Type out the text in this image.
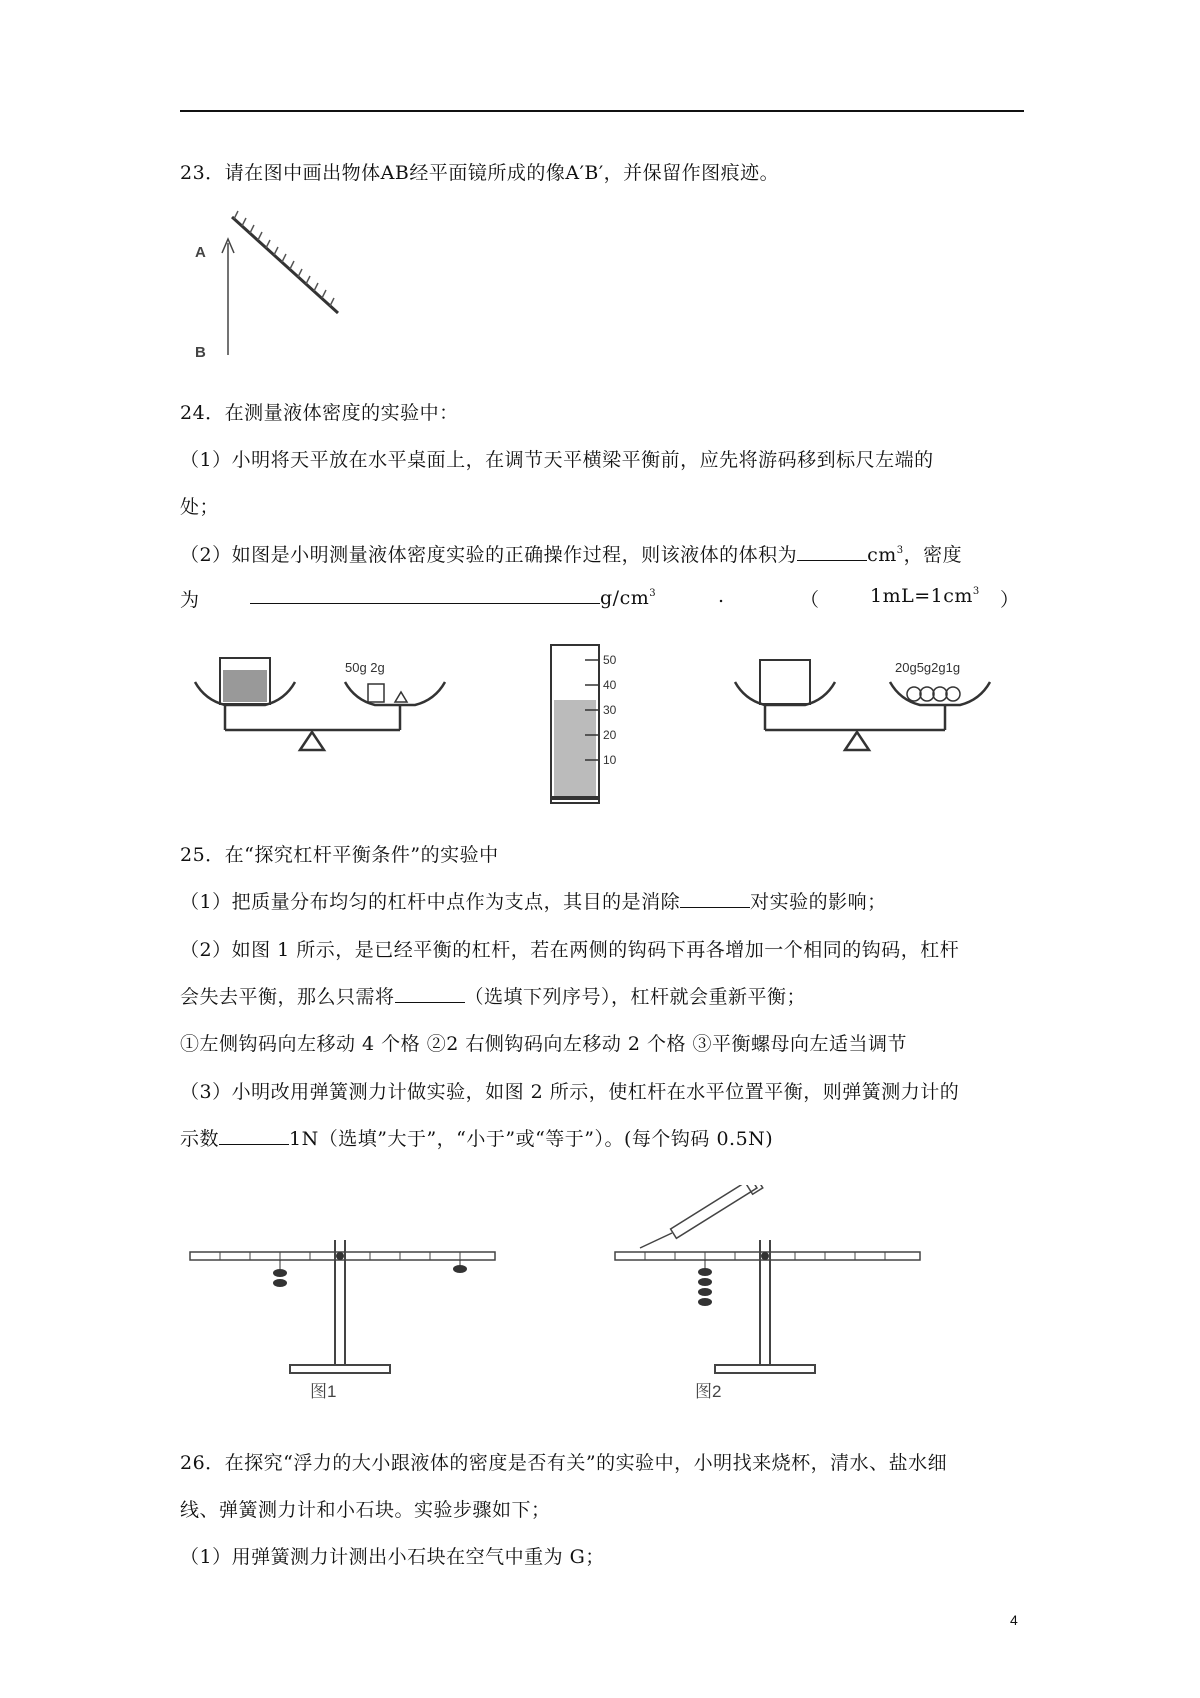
23．请在图中画出物体AB经平面镜所成的像A′B′，并保留作图痕迹。
A
B
24．在测量液体密度的实验中：
（1）小明将天平放在水平桌面上，在调节天平横梁平衡前，应先将游码移到标尺左端的
处；
（2）如图是小明测量液体密度实验的正确操作过程，则该液体的体积为	$cm^3$，密度
为	$g/cm^3$	.	（	$1mL=1cm^3$ ）
50g 2g	50
40
30
20
10
20g5g2g1g
25．在“探究杠杆平衡条件”的实验中
（1）把质量分布均匀的杠杆中点作为支点，其目的是消除	对实验的影响；
（2）如图 1 所示，是已经平衡的杠杆，若在两侧的钩码下再各增加一个相同的钩码，杠杆
会失去平衡，那么只需将	（选填下列序号），杠杆就会重新平衡；
①左侧钩码向左移动 4 个格 ②2 右侧钩码向左移动 2 个格 ③平衡螺母向左适当调节
（3）小明改用弹簧测力计做实验，如图 2 所示，使杠杆在水平位置平衡，则弹簧测力计的
示数	1N（选填”大于”，“小于”或“等于”）。(每个钩码 0.5N)
图1	图2
26．在探究“浮力的大小跟液体的密度是否有关”的实验中，小明找来烧杯，清水、盐水细
线、弹簧测力计和小石块。实验步骤如下；
（1）用弹簧测力计测出小石块在空气中重为 G；
4
